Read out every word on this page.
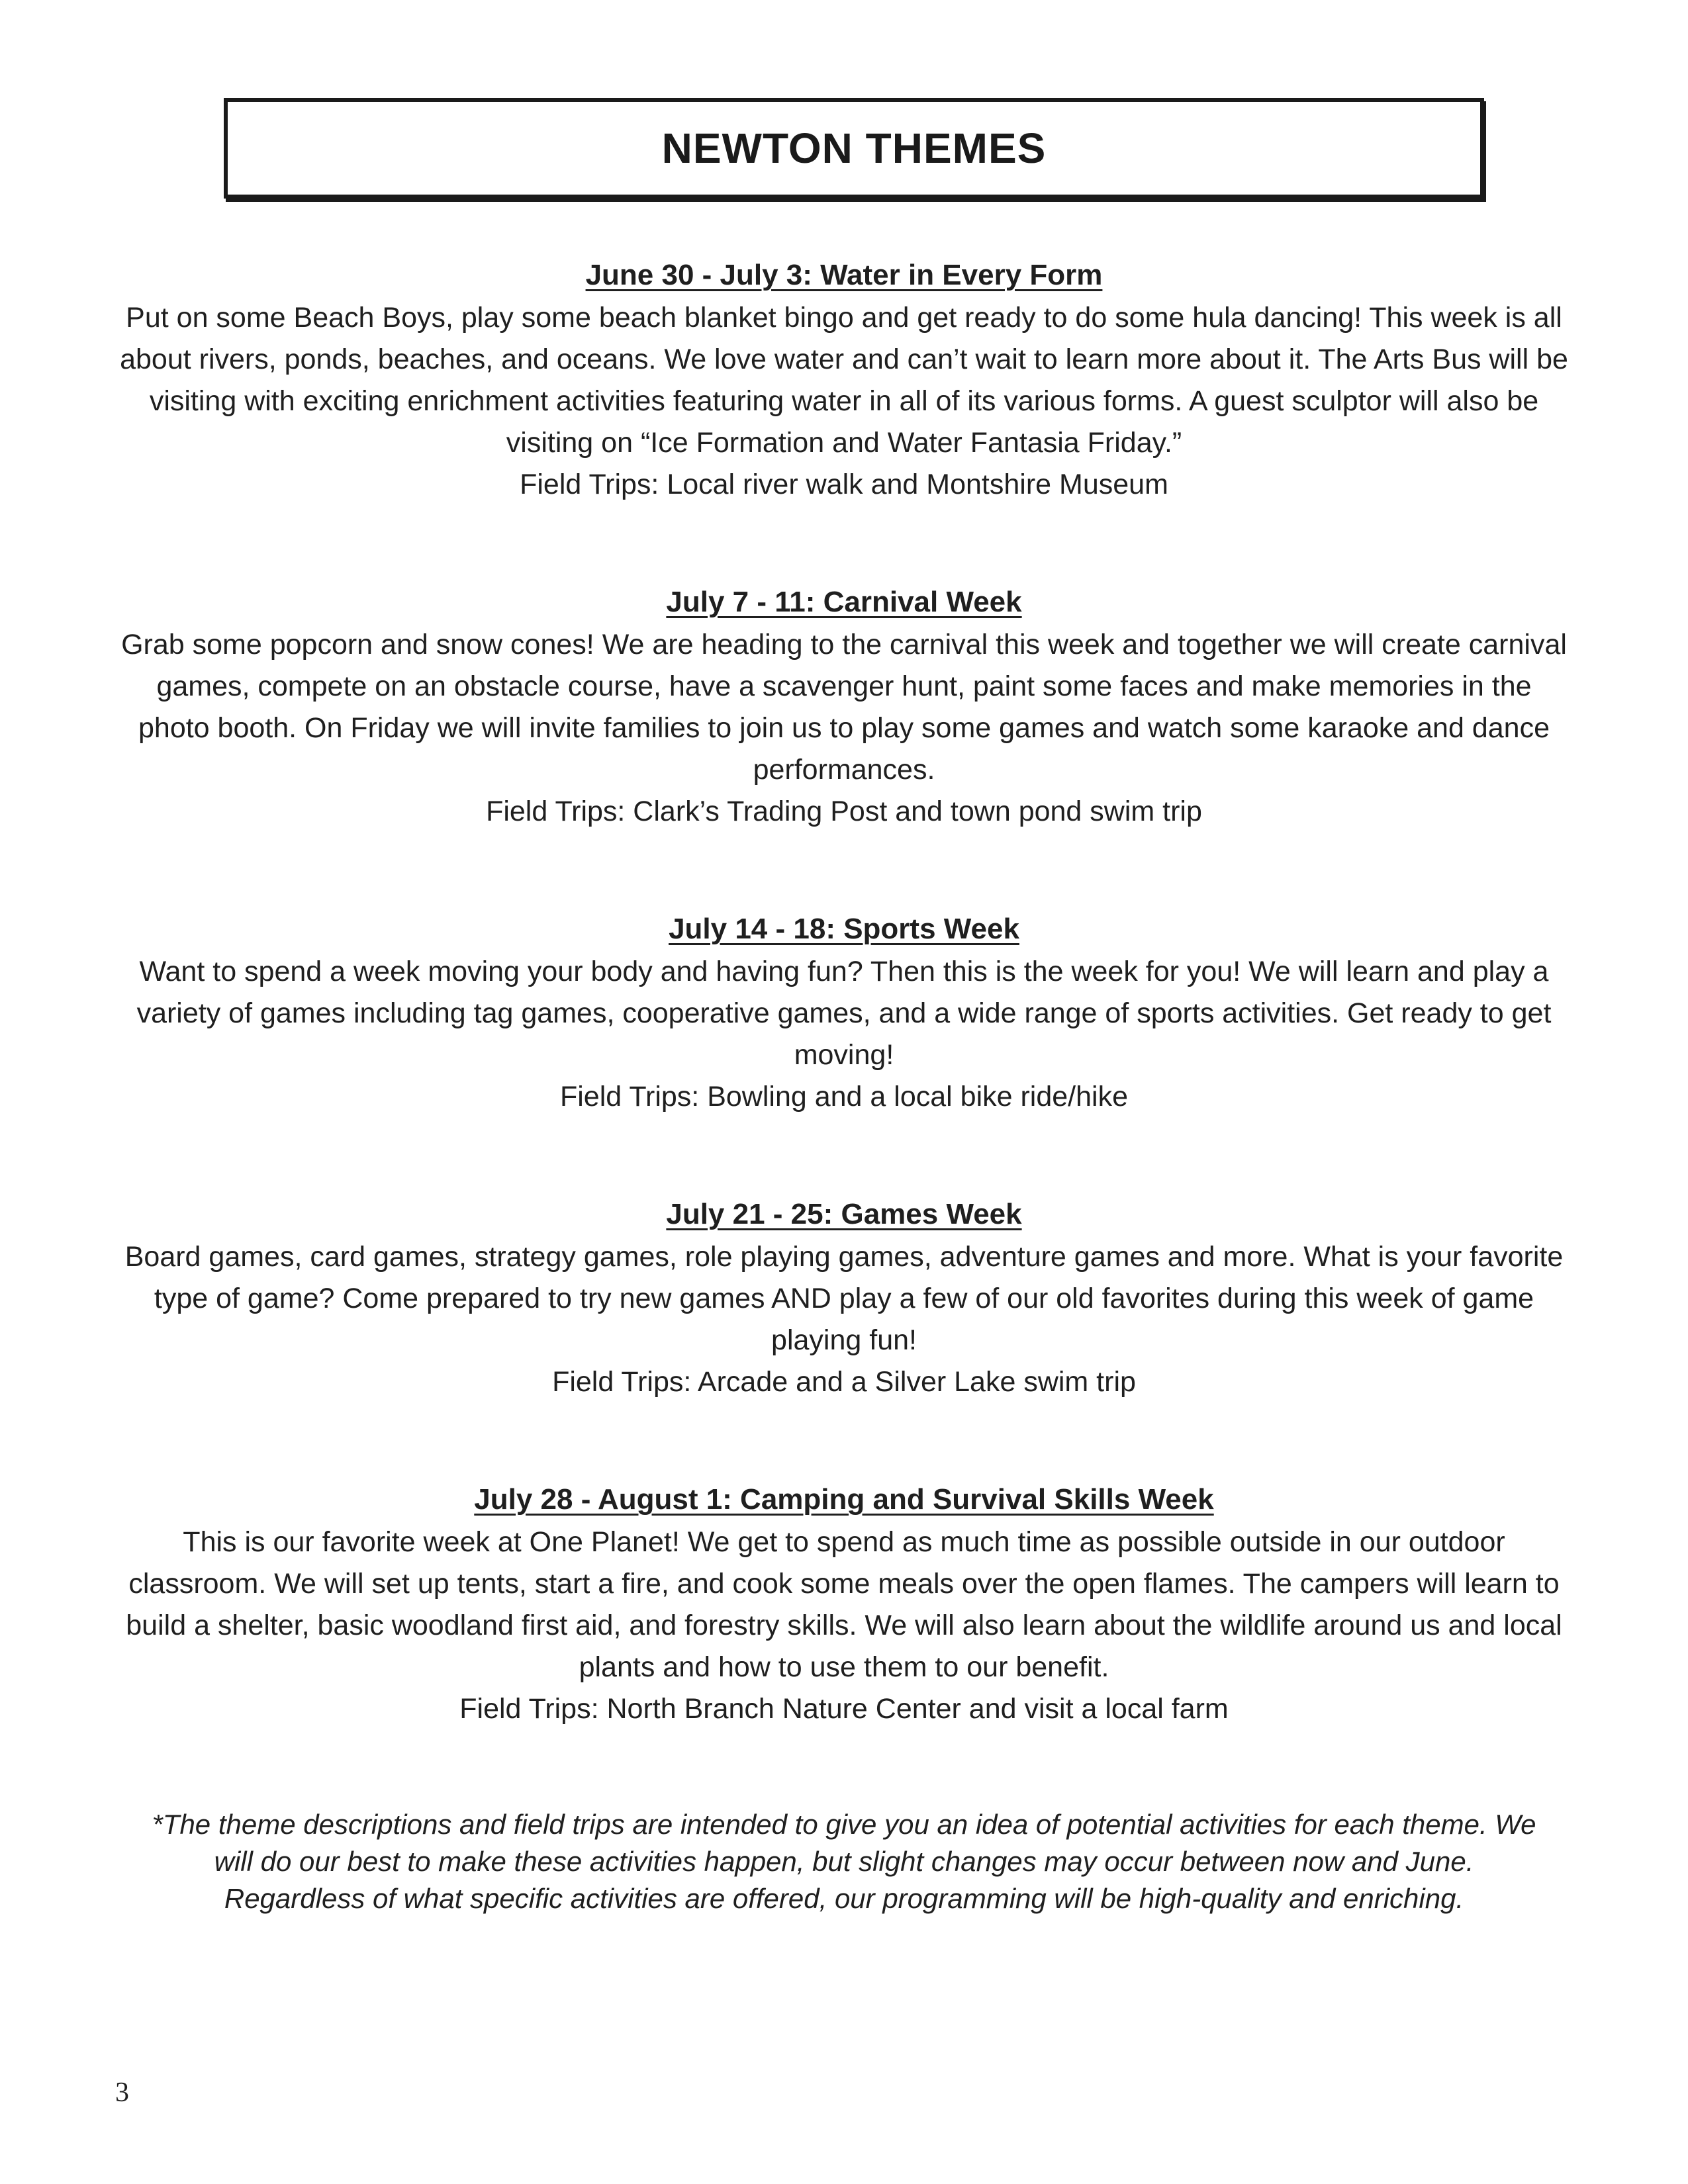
NEWTON THEMES
June 30 - July 3: Water in Every Form

Put on some Beach Boys, play some beach blanket bingo and get ready to do some hula dancing! This week is all about rivers, ponds, beaches, and oceans. We love water and can’t wait to learn more about it. The Arts Bus will be visiting with exciting enrichment activities featuring water in all of its various forms. A guest sculptor will also be visiting on “Ice Formation and Water Fantasia Friday.”

Field Trips: Local river walk and Montshire Museum

July 7 - 11: Carnival Week

Grab some popcorn and snow cones! We are heading to the carnival this week and together we will create carnival games, compete on an obstacle course, have a scavenger hunt, paint some faces and make memories in the photo booth. On Friday we will invite families to join us to play some games and watch some karaoke and dance performances.

Field Trips: Clark’s Trading Post and town pond swim trip

July 14 - 18: Sports Week

Want to spend a week moving your body and having fun? Then this is the week for you! We will learn and play a variety of games including tag games, cooperative games, and a wide range of sports activities. Get ready to get moving!

Field Trips: Bowling and a local bike ride/hike

July 21 - 25: Games Week

Board games, card games, strategy games, role playing games, adventure games and more. What is your favorite type of game? Come prepared to try new games AND play a few of our old favorites during this week of game playing fun!

Field Trips: Arcade and a Silver Lake swim trip

July 28 - August 1: Camping and Survival Skills Week

This is our favorite week at One Planet! We get to spend as much time as possible outside in our outdoor classroom. We will set up tents, start a fire, and cook some meals over the open flames. The campers will learn to build a shelter, basic woodland first aid, and forestry skills. We will also learn about the wildlife around us and local plants and how to use them to our benefit.

Field Trips: North Branch Nature Center and visit a local farm

*The theme descriptions and field trips are intended to give you an idea of potential activities for each theme. We will do our best to make these activities happen, but slight changes may occur between now and June. Regardless of what specific activities are offered, our programming will be high-quality and enriching.

3
